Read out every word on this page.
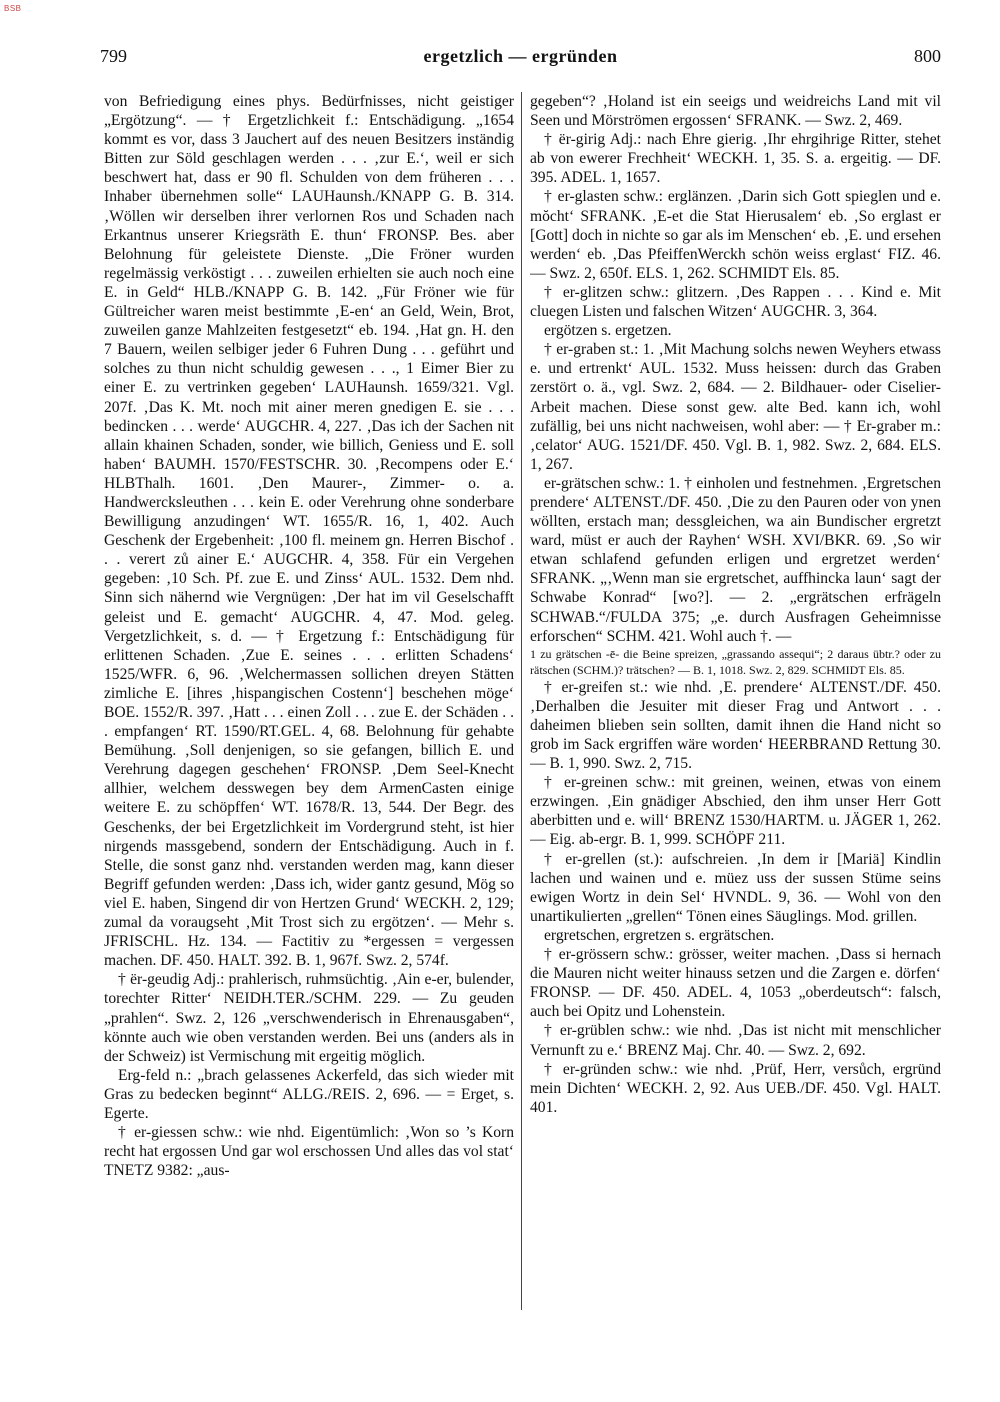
BSB
799	ergetzlich — ergründen	800

von Befriedigung eines phys. Bedürfnisses, nicht geistiger „Ergötzung“. — † Ergetzlichkeit f.: Entschädigung. „1654 kommt es vor, dass 3 Jauchert auf des neuen Besitzers inständig Bitten zur Söld geschlagen werden . . . ‚zur E.‘, weil er sich beschwert hat, dass er 90 fl. Schulden von dem früheren . . . Inhaber übernehmen solle“ LAUHaunsh./KNAPP G. B. 314. ‚Wöllen wir derselben ihrer verlornen Ros und Schaden nach Erkantnus unserer Kriegsräth E. thun‘ FRONSP. Bes. aber Belohnung für geleistete Dienste. „Die Fröner wurden regelmässig verköstigt . . . zuweilen erhielten sie auch noch eine E. in Geld“ HLB./KNAPP G. B. 142. „Für Fröner wie für Gültreicher waren meist bestimmte ‚E-en‘ an Geld, Wein, Brot, zuweilen ganze Mahlzeiten festgesetzt“ eb. 194. ‚Hat gn. H. den 7 Bauern, weilen selbiger jeder 6 Fuhren Dung . . . geführt und solches zu thun nicht schuldig gewesen . . ., 1 Eimer Bier zu einer E. zu vertrinken gegeben‘ LAUHaunsh. 1659/321. Vgl. 207f. ‚Das K. Mt. noch mit ainer meren gnedigen E. sie . . . bedincken . . . werde‘ AUGCHR. 4, 227. ‚Das ich der Sachen nit allain khainen Schaden, sonder, wie billich, Geniess und E. soll haben‘ BAUMH. 1570/FESTSCHR. 30. ‚Recompens oder E.‘ HLBThalh. 1601. ‚Den Maurer-, Zimmer- o. a. Handwercksleuthen . . . kein E. oder Verehrung ohne sonderbare Bewilligung anzudingen‘ WT. 1655/R. 16, 1, 402. Auch Geschenk der Ergebenheit: ‚100 fl. meinem gn. Herren Bischof . . . verert zů ainer E.‘ AUGCHR. 4, 358. Für ein Vergehen gegeben: ‚10 Sch. Pf. zue E. und Zinss‘ AUL. 1532. Dem nhd. Sinn sich nähernd wie Vergnügen: ‚Der hat im vil Geselschafft geleist und E. gemacht‘ AUGCHR. 4, 47. Mod. geleg. Vergetzlichkeit, s. d. — † Ergetzung f.: Entschädigung für erlittenen Schaden. ‚Zue E. seines . . . erlitten Schadens‘ 1525/WFR. 6, 96. ‚Welchermassen sollichen dreyen Stätten zimliche E. [ihres ‚hispangischen Costenn‘] beschehen möge‘ BOE. 1552/R. 397. ‚Hatt . . . einen Zoll . . . zue E. der Schäden . . . empfangen‘ RT. 1590/RT.GEL. 4, 68. Belohnung für gehabte Bemühung. ‚Soll denjenigen, so sie gefangen, billich E. und Verehrung dagegen geschehen‘ FRONSP. ‚Dem Seel-Knecht allhier, welchem desswegen bey dem ArmenCasten einige weitere E. zu schöpffen‘ WT. 1678/R. 13, 544. Der Begr. des Geschenks, der bei Ergetzlichkeit im Vordergrund steht, ist hier nirgends massgebend, sondern der Entschädigung. Auch in f. Stelle, die sonst ganz nhd. verstanden werden mag, kann dieser Begriff gefunden werden: ‚Dass ich, wider gantz gesund, Mög so viel E. haben, Singend dir von Hertzen Grund‘ WECKH. 2, 129; zumal da voraugseht ‚Mit Trost sich zu ergötzen‘. — Mehr s. JFRISCHL. Hz. 134. — Factitiv zu *ergessen = vergessen machen. DF. 450. HALT. 392. B. 1, 967f. Swz. 2, 574f.

† ër-geudig Adj.: prahlerisch, ruhmsüchtig. ‚Ain e-er, bulender, torechter Ritter‘ NEIDH.TER./SCHM. 229. — Zu geuden „prahlen“. Swz. 2, 126 „verschwenderisch in Ehrenausgaben“, könnte auch wie oben verstanden werden. Bei uns (anders als in der Schweiz) ist Vermischung mit ergeitig möglich.

Erg-feld n.: „brach gelassenes Ackerfeld, das sich wieder mit Gras zu bedecken beginnt“ ALLG./REIS. 2, 696. — = Erget, s. Egerte.

† er-giessen schw.: wie nhd. Eigentümlich: ‚Won so ’s Korn recht hat ergossen Und gar wol erschossen Und alles das vol stat‘ TNETZ 9382: „aus-

gegeben“? ‚Holand ist ein seeigs und weidreichs Land mit vil Seen und Mörströmen ergossen‘ SFRANK. — Swz. 2, 469.

† ër-girig Adj.: nach Ehre gierig. ‚Ihr ehrgihrige Ritter, stehet ab von ewerer Frechheit‘ WECKH. 1, 35. S. a. ergeitig. — DF. 395. ADEL. 1, 1657.

† er-glasten schw.: erglänzen. ‚Darin sich Gott spieglen und e. mŏcht‘ SFRANK. ‚E-et die Stat Hierusalem‘ eb. ‚So erglast er [Gott] doch in nichte so gar als im Menschen‘ eb. ‚E. und ersehen werden‘ eb. ‚Das PfeiffenWerckh schön weiss erglast‘ FIZ. 46. — Swz. 2, 650f. ELS. 1, 262. SCHMIDT Els. 85.

† er-glitzen schw.: glitzern. ‚Des Rappen . . . Kind e. Mit cluegen Listen und falschen Witzen‘ AUGCHR. 3, 364.

ergötzen s. ergetzen.

† er-graben st.: 1. ‚Mit Machung solchs newen Weyhers etwass e. und ertrenkt‘ AUL. 1532. Muss heissen: durch das Graben zerstört o. ä., vgl. Swz. 2, 684. — 2. Bildhauer- oder Ciselier-Arbeit machen. Diese sonst gew. alte Bed. kann ich, wohl zufällig, bei uns nicht nachweisen, wohl aber: — † Er-graber m.: ‚celator‘ AUG. 1521/DF. 450. Vgl. B. 1, 982. Swz. 2, 684. ELS. 1, 267.

er-grätschen schw.: 1. † einholen und festnehmen. ‚Ergretschen prendere‘ ALTENST./DF. 450. ‚Die zu den Pauren oder von ynen wöllten, erstach man; dessgleichen, wa ain Bundischer ergretzt ward, müst er auch der Rayhen‘ WSH. XVI/BKR. 69. ‚So wir etwan schlafend gefunden erligen und ergretzet werden‘ SFRANK. „‚Wenn man sie ergretschet, auffhincka laun‘ sagt der Schwabe Konrad“ [wo?]. — 2. „ergrätschen erfrägeln SCHWAB.“/FULDA 375; „e. durch Ausfragen Geheimnisse erforschen“ SCHM. 421. Wohl auch †. —

1 zu grätschen -ē- die Beine spreizen, „grassando assequi“; 2 daraus übtr.? oder zu rätschen (SCHM.)? trätschen? — B. 1, 1018. Swz. 2, 829. SCHMIDT Els. 85.

† er-greifen st.: wie nhd. ‚E. prendere‘ ALTENST./DF. 450. ‚Derhalben die Jesuiter mit dieser Frag und Antwort . . . daheimen blieben sein sollten, damit ihnen die Hand nicht so grob im Sack ergriffen wäre worden‘ HEERBRAND Rettung 30. — B. 1, 990. Swz. 2, 715.

† er-greinen schw.: mit greinen, weinen, etwas von einem erzwingen. ‚Ein gnädiger Abschied, den ihm unser Herr Gott aberbitten und e. will‘ BRENZ 1530/HARTM. u. JÄGER 1, 262. — Eig. ab-ergr. B. 1, 999. SCHÖPF 211.

† er-grellen (st.): aufschreien. ‚In dem ir [Mariä] Kindlin lachen und wainen und e. müez uss der sussen Stüme seins ewigen Wortz in dein Sel‘ HVNDL. 9, 36. — Wohl von den unartikulierten „grellen“ Tönen eines Säuglings. Mod. grillen.

ergretschen, ergretzen s. ergrätschen.

† er-grössern schw.: grösser, weiter machen. ‚Dass si hernach die Mauren nicht weiter hinauss setzen und die Zargen e. dörfen‘ FRONSP. — DF. 450. ADEL. 4, 1053 „oberdeutsch“: falsch, auch bei Opitz und Lohenstein.

† er-grüblen schw.: wie nhd. ‚Das ist nicht mit menschlicher Vernunft zu e.‘ BRENZ Maj. Chr. 40. — Swz. 2, 692.

† er-gründen schw.: wie nhd. ‚Prüf, Herr, versůch, ergründ mein Dichten‘ WECKH. 2, 92. Aus UEB./DF. 450. Vgl. HALT. 401.
